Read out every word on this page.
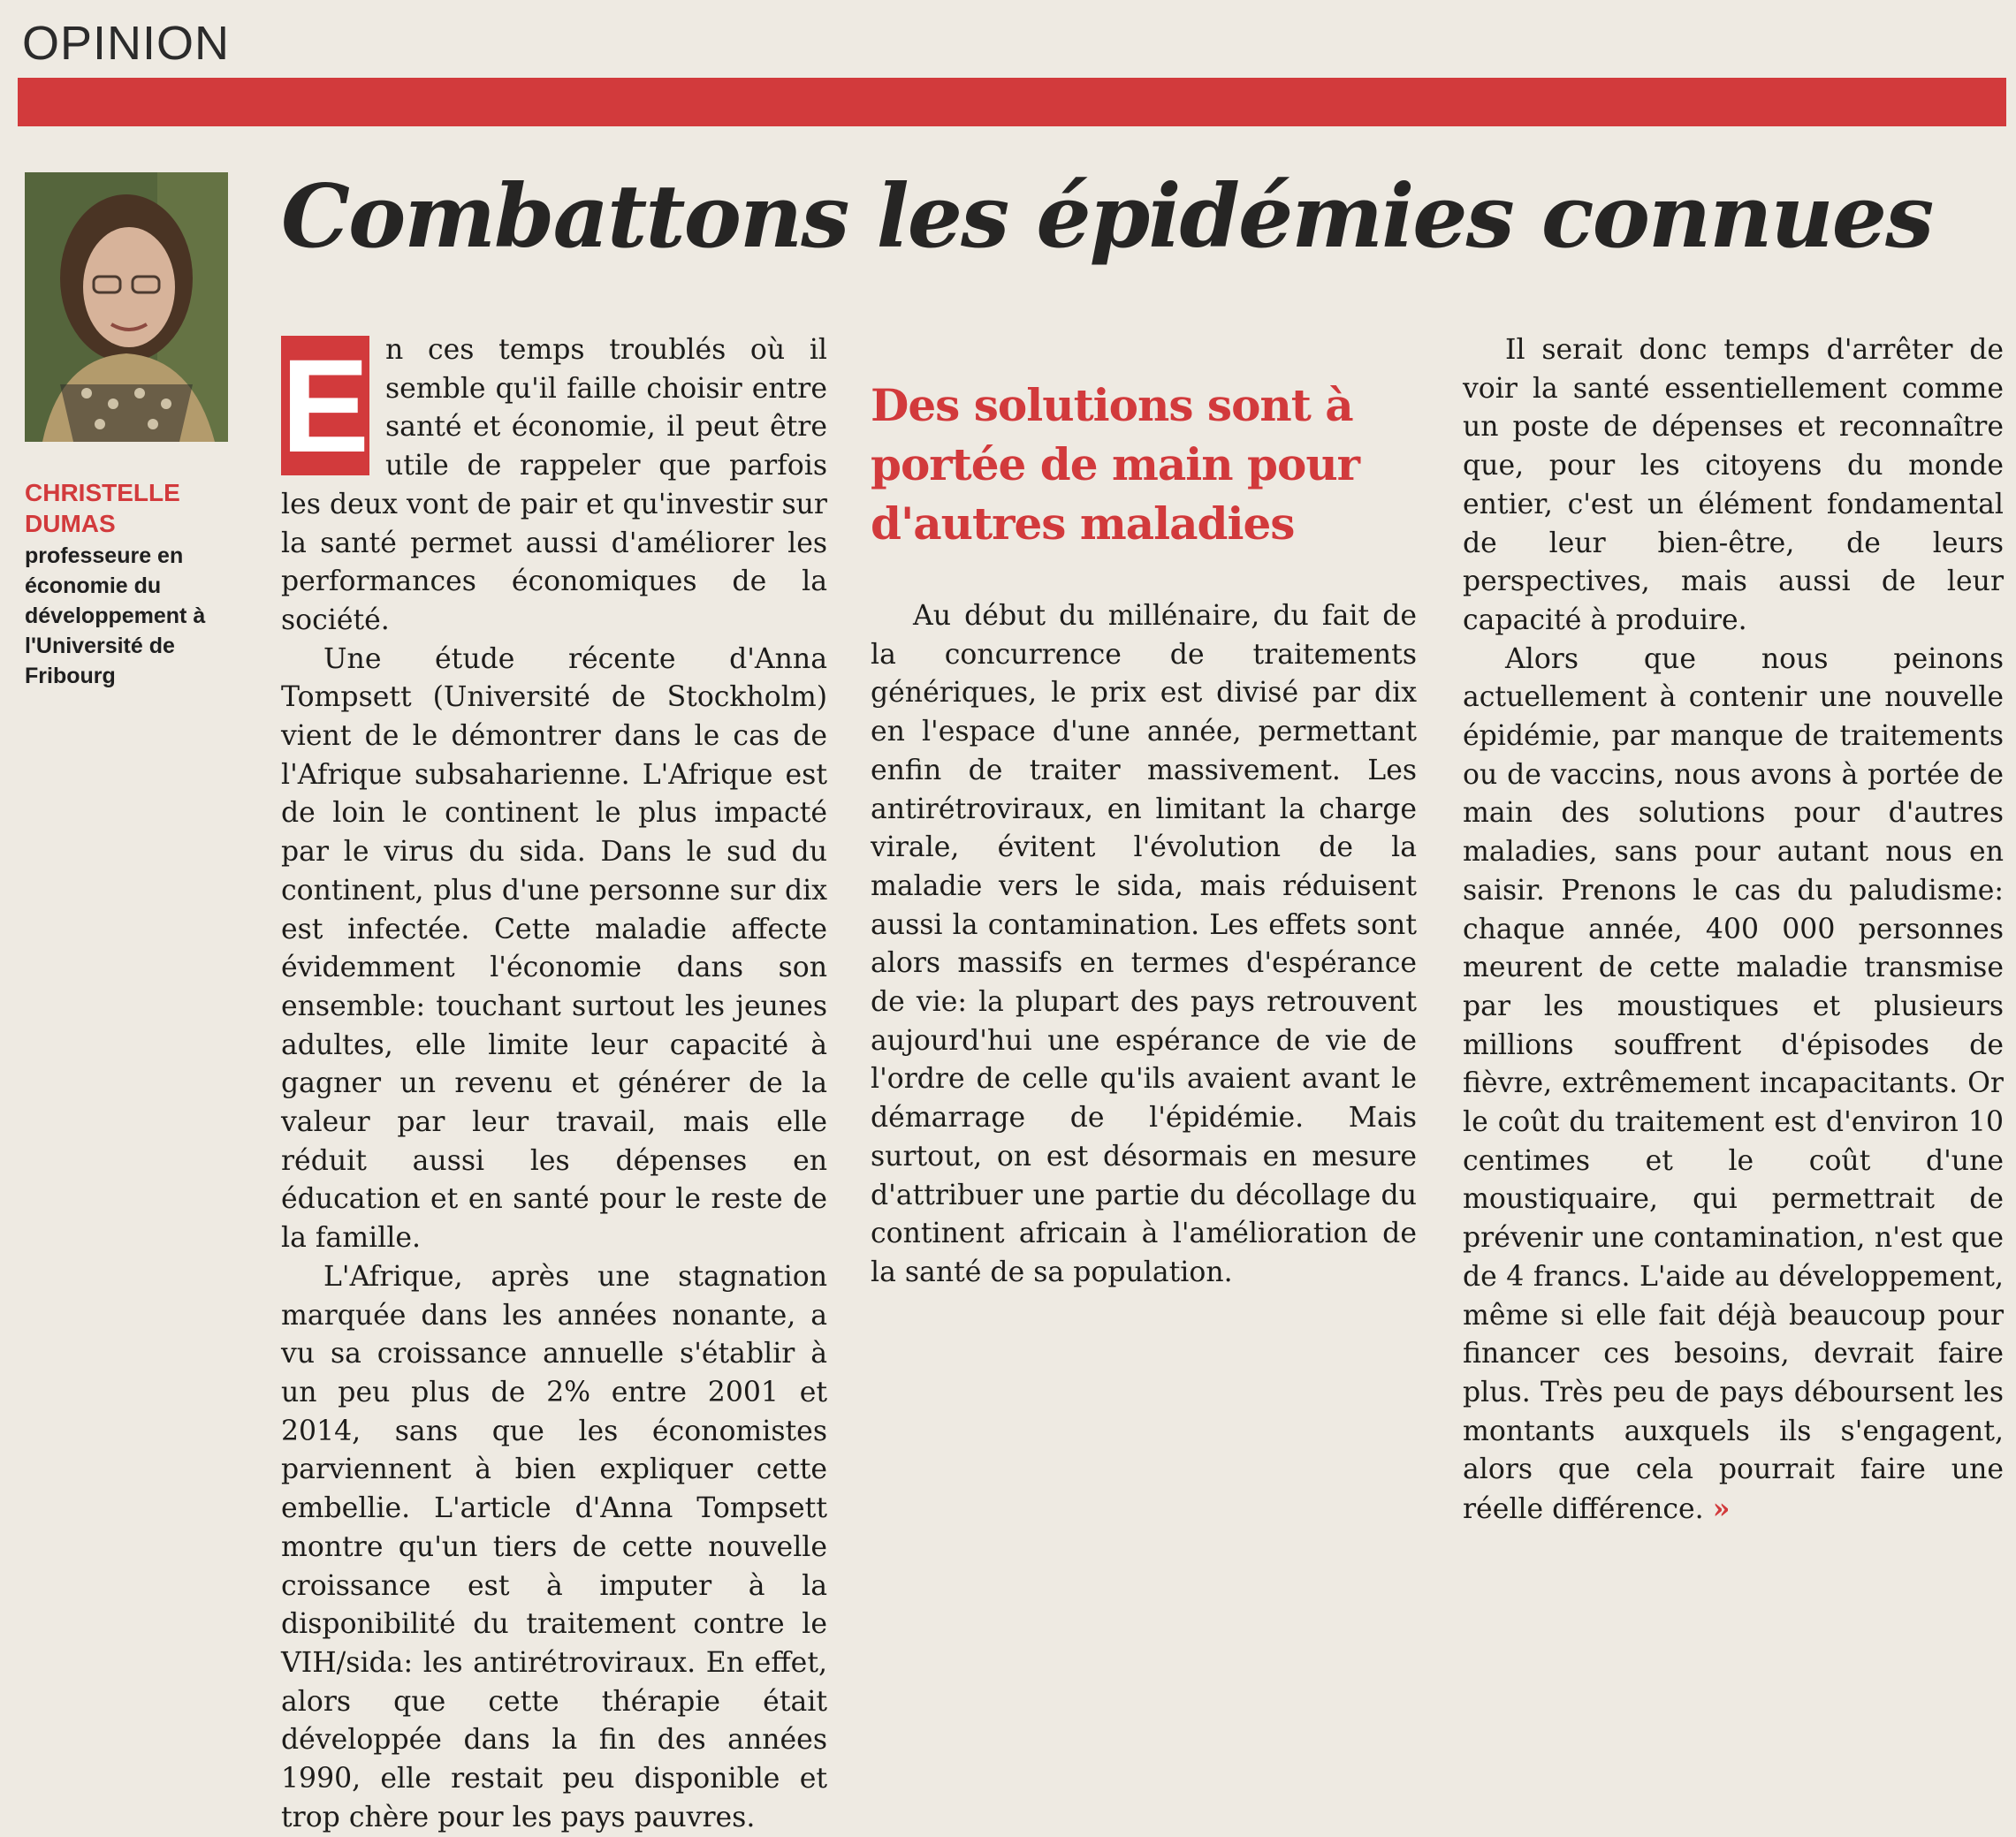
OPINION
CHRISTELLE DUMAS
professeure en économie du développement à l'Université de Fribourg
Combattons les épidémies connues
E n ces temps troublés où il semble qu'il faille choisir entre santé et économie, il peut être utile de rappeler que parfois les deux vont de pair et qu'investir sur la santé permet aussi d'améliorer les performances économiques de la société.

Une étude récente d'Anna Tompsett (Université de Stockholm) vient de le démontrer dans le cas de l'Afrique subsaharienne. L'Afrique est de loin le continent le plus impacté par le virus du sida. Dans le sud du continent, plus d'une personne sur dix est infectée. Cette maladie affecte évidemment l'économie dans son ensemble: touchant surtout les jeunes adultes, elle limite leur capacité à gagner un revenu et générer de la valeur par leur travail, mais elle réduit aussi les dépenses en éducation et en santé pour le reste de la famille.

L'Afrique, après une stagnation marquée dans les années nonante, a vu sa croissance annuelle s'établir à un peu plus de 2% entre 2001 et 2014, sans que les économistes parviennent à bien expliquer cette embellie. L'article d'Anna Tompsett montre qu'un tiers de cette nouvelle croissance est à imputer à la disponibilité du traitement contre le VIH/sida: les antirétroviraux. En effet, alors que cette thérapie était développée dans la fin des années 1990, elle restait peu disponible et trop chère pour les pays pauvres.

Des solutions sont à portée de main pour d'autres maladies

Au début du millénaire, du fait de la concurrence de traitements génériques, le prix est divisé par dix en l'espace d'une année, permettant enfin de traiter massivement. Les antirétroviraux, en limitant la charge virale, évitent l'évolution de la maladie vers le sida, mais réduisent aussi la contamination. Les effets sont alors massifs en termes d'espérance de vie: la plupart des pays retrouvent aujourd'hui une espérance de vie de l'ordre de celle qu'ils avaient avant le démarrage de l'épidémie. Mais surtout, on est désormais en mesure d'attribuer une partie du décollage du continent africain à l'amélioration de la santé de sa population.

Il serait donc temps d'arrêter de voir la santé essentiellement comme un poste de dépenses et reconnaître que, pour les citoyens du monde entier, c'est un élément fondamental de leur bien-être, de leurs perspectives, mais aussi de leur capacité à produire.

Alors que nous peinons actuellement à contenir une nouvelle épidémie, par manque de traitements ou de vaccins, nous avons à portée de main des solutions pour d'autres maladies, sans pour autant nous en saisir. Prenons le cas du paludisme: chaque année, 400 000 personnes meurent de cette maladie transmise par les moustiques et plusieurs millions souffrent d'épisodes de fièvre, extrêmement incapacitants. Or le coût du traitement est d'environ 10 centimes et le coût d'une moustiquaire, qui permettrait de prévenir une contamination, n'est que de 4 francs. L'aide au développement, même si elle fait déjà beaucoup pour financer ces besoins, devrait faire plus. Très peu de pays déboursent les montants auxquels ils s'engagent, alors que cela pourrait faire une réelle différence. »
